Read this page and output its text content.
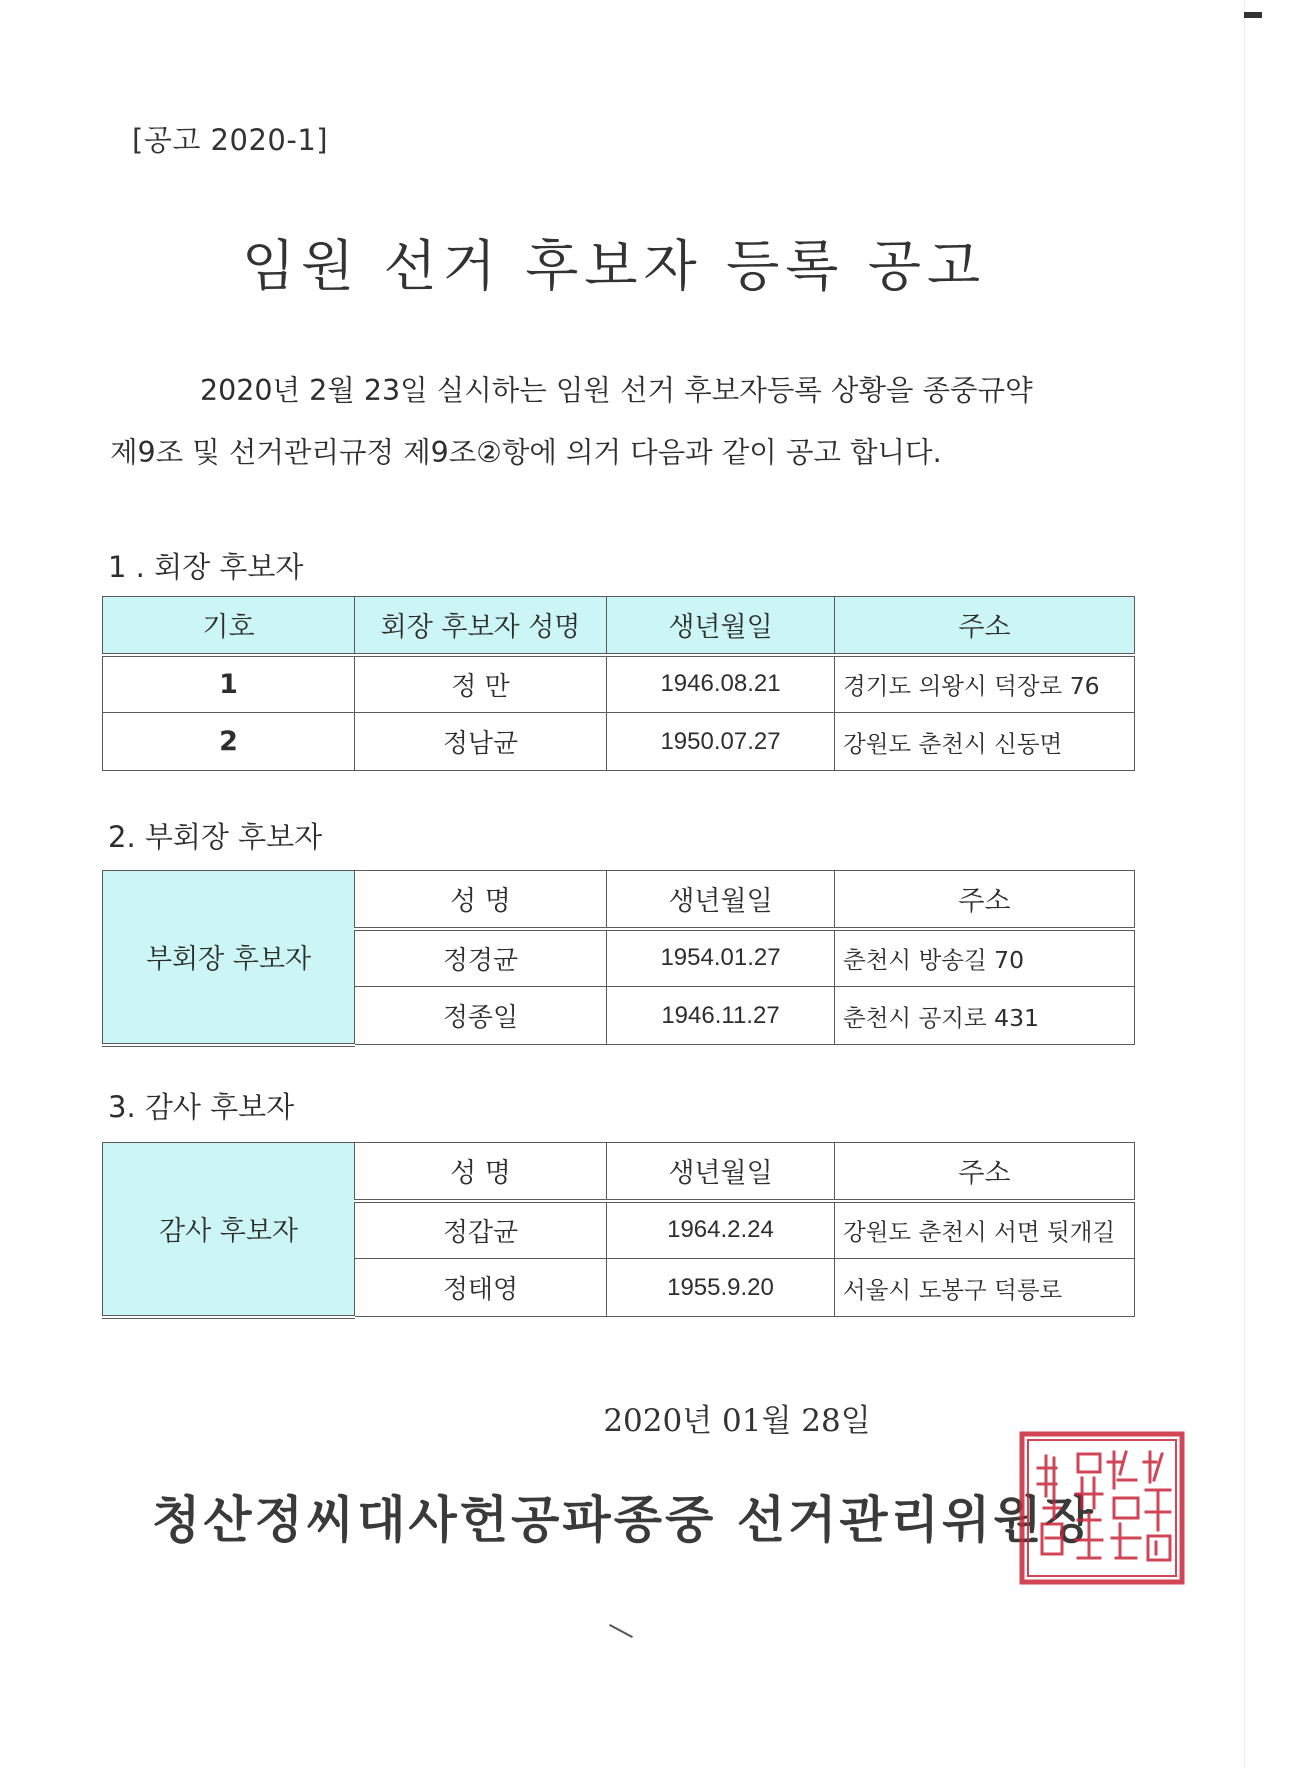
[공고 2020-1]
임원 선거 후보자 등록 공고
2020년 2월 23일 실시하는 임원 선거 후보자등록 상황을 종중규약
제9조 및 선거관리규정 제9조②항에 의거 다음과 같이 공고 합니다.
1 . 회장 후보자
기호	회장 후보자 성명	생년월일	주소
1	정 만	1946.08.21	경기도 의왕시 덕장로 76
2	정남균	1950.07.27	강원도 춘천시 신동면
2. 부회장 후보자
부회장 후보자	성 명	생년월일	주소
	정경균	1954.01.27	춘천시 방송길 70
	정종일	1946.11.27	춘천시 공지로 431
3. 감사 후보자
감사 후보자	성 명	생년월일	주소
	정갑균	1964.2.24	강원도 춘천시 서면 뒷개길
	정태영	1955.9.20	서울시 도봉구 덕릉로
2020년 01월 28일
청산정씨대사헌공파종중 선거관리위원장
